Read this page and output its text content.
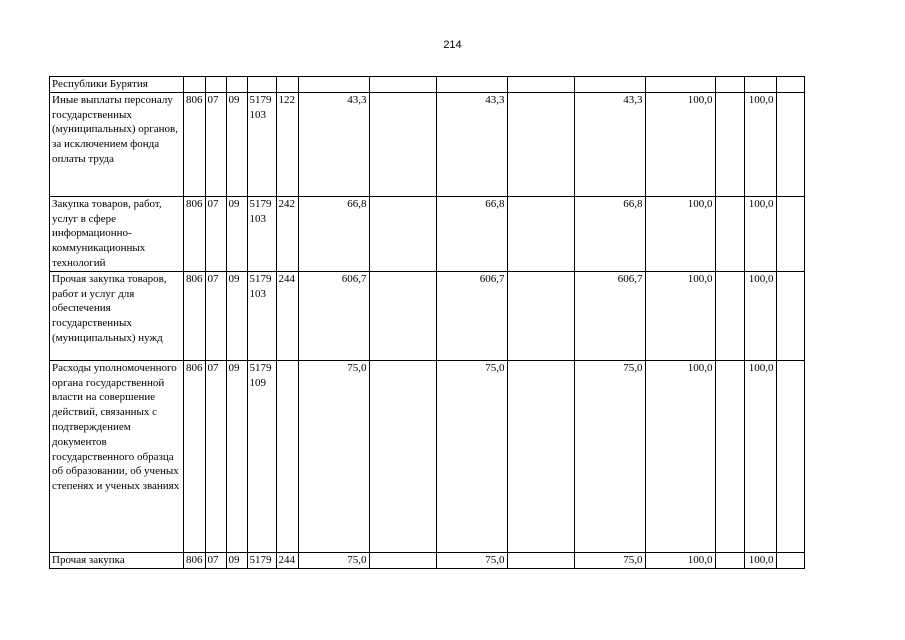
214
Республики Бурятия														
Иные выплаты персоналу государственных (муниципальных) органов, за исключением фонда оплаты труда	806	07	09	5179 103	122	43,3		43,3		43,3	100,0		100,0	
Закупка товаров, работ, услуг в сфере информационно-коммуникационных технологий	806	07	09	5179 103	242	66,8		66,8		66,8	100,0		100,0	
Прочая закупка товаров, работ и услуг для обеспечения государственных (муниципальных) нужд	806	07	09	5179 103	244	606,7		606,7		606,7	100,0		100,0	
Расходы уполномоченного органа государственной власти на совершение действий, связанных с подтверждением документов государственного образца об образовании, об ученых степенях и ученых званиях	806	07	09	5179 109		75,0		75,0		75,0	100,0		100,0	
Прочая закупка	806	07	09	5179	244	75,0		75,0		75,0	100,0		100,0	
